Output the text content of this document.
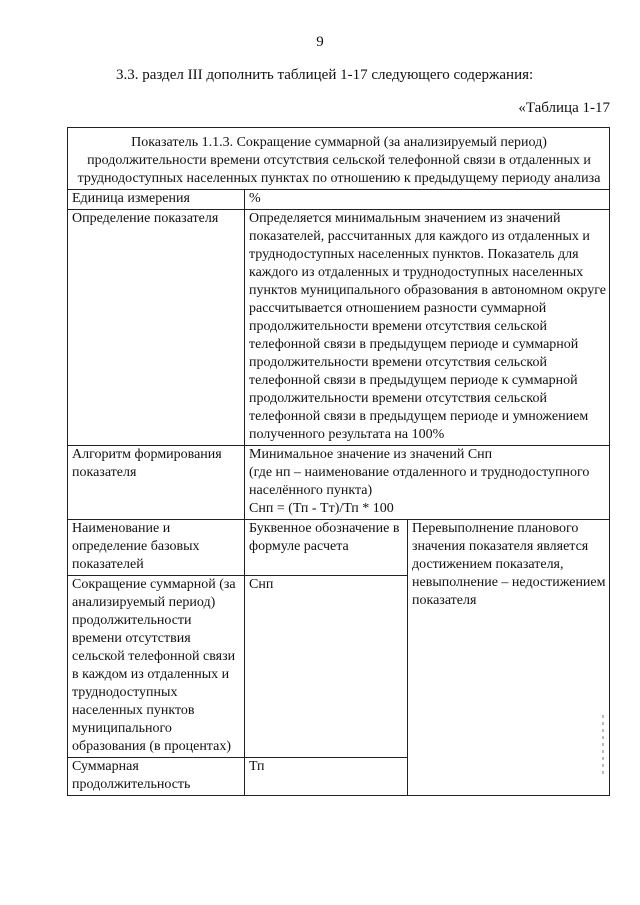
9
3.3. раздел III дополнить таблицей 1-17 следующего содержания:
«Таблица 1-17
Показатель 1.1.3. Сокращение суммарной (за анализируемый период) продолжительности времени отсутствия сельской телефонной связи в отдаленных и труднодоступных населенных пунктах по отношению к предыдущему периоду анализа		
Единица измерения	%	
Определение показателя	Определяется минимальным значением из значений показателей, рассчитанных для каждого из отдаленных и труднодоступных населенных пунктов. Показатель для каждого из отдаленных и труднодоступных населенных пунктов муниципального образования в автономном округе рассчитывается отношением разности суммарной продолжительности времени отсутствия сельской телефонной связи в предыдущем периоде и суммарной продолжительности времени отсутствия сельской телефонной связи в предыдущем периоде к суммарной продолжительности времени отсутствия сельской телефонной связи в предыдущем периоде и умножением полученного результата на 100%	
Алгоритм формирования показателя	Минимальное значение из значений Снп
(где нп – наименование отдаленного и труднодоступного населённого пункта)
Снп = (Тп - Тт)/Тп * 100	

Наименование и определение базовых показателей	Буквенное обозначение в формуле расчета	Перевыполнение планового значения показателя является достижением показателя, невыполнение – недостижением показателя
Сокращение суммарной (за анализируемый период) продолжительности времени отсутствия сельской телефонной связи в каждом из отдаленных и труднодоступных населенных пунктов муниципального образования (в процентах)	Снп	
Суммарная продолжительность	Тп	
